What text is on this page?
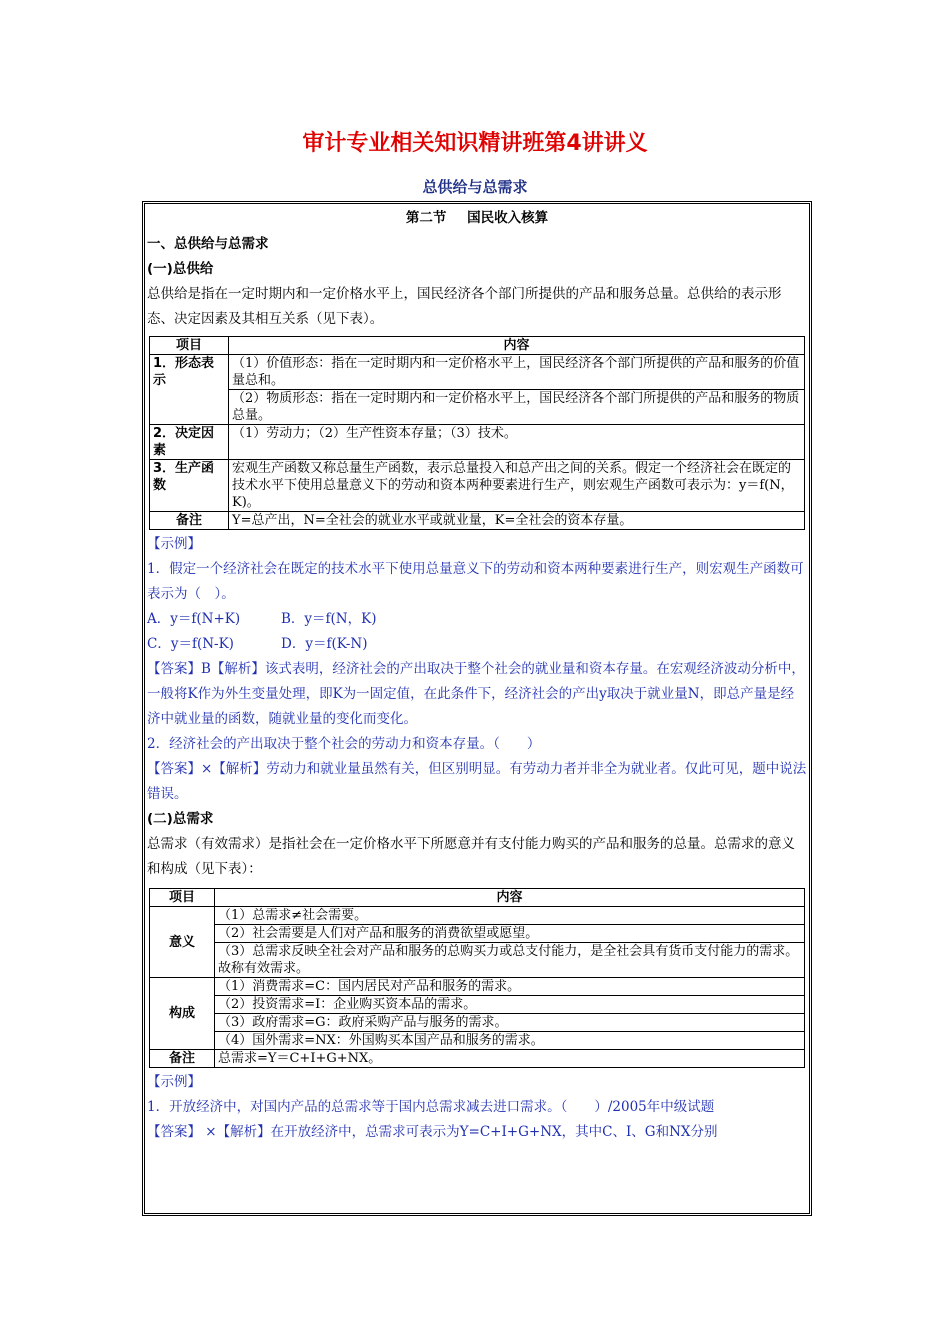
审计专业相关知识精讲班第4讲讲义
总供给与总需求
第二节 国民收入核算
一、总供给与总需求
(一)总供给
总供给是指在一定时期内和一定价格水平上，国民经济各个部门所提供的产品和服务总量。总供给的表示形态、决定因素及其相互关系（见下表）。
项目	内容
1．形态表示	（1）价值形态：指在一定时期内和一定价格水平上，国民经济各个部门所提供的产品和服务的价值量总和。
	（2）物质形态：指在一定时期内和一定价格水平上，国民经济各个部门所提供的产品和服务的物质总量。
2．决定因素	（1）劳动力；（2）生产性资本存量；（3）技术。
3．生产函数	宏观生产函数又称总量生产函数，表示总量投入和总产出之间的关系。假定一个经济社会在既定的技术水平下使用总量意义下的劳动和资本两种要素进行生产，则宏观生产函数可表示为：y＝f(N，K)。
备注	Y=总产出，N=全社会的就业水平或就业量，K=全社会的资本存量。
【示例】
1．假定一个经济社会在既定的技术水平下使用总量意义下的劳动和资本两种要素进行生产，则宏观生产函数可表示为（　）。
A．y＝f(N+K)	B．y＝f(N，K)
C．y＝f(N-K)	D．y＝f(K-N)
【答案】B【解析】该式表明，经济社会的产出取决于整个社会的就业量和资本存量。在宏观经济波动分析中，一般将K作为外生变量处理，即K为一固定值，在此条件下，经济社会的产出y取决于就业量N，即总产量是经济中就业量的函数，随就业量的变化而变化。
2．经济社会的产出取决于整个社会的劳动力和资本存量。（　　）
【答案】×【解析】劳动力和就业量虽然有关，但区别明显。有劳动力者并非全为就业者。仅此可见，题中说法错误。
(二)总需求
总需求（有效需求）是指社会在一定价格水平下所愿意并有支付能力购买的产品和服务的总量。总需求的意义和构成（见下表）：
项目	内容
意义	（1）总需求≠社会需要。
	（2）社会需要是人们对产品和服务的消费欲望或愿望。
	（3）总需求反映全社会对产品和服务的总购买力或总支付能力，是全社会具有货币支付能力的需求。故称有效需求。
构成	（1）消费需求=C：国内居民对产品和服务的需求。
	（2）投资需求=I：企业购买资本品的需求。
	（3）政府需求=G：政府采购产品与服务的需求。
	（4）国外需求=NX：外国购买本国产品和服务的需求。
备注	总需求=Y＝C+I+G+NX。
【示例】
1．开放经济中，对国内产品的总需求等于国内总需求减去进口需求。（　　）/2005年中级试题
【答案】 ×【解析】在开放经济中，总需求可表示为Y=C+I+G+NX，其中C、I、G和NX分别
